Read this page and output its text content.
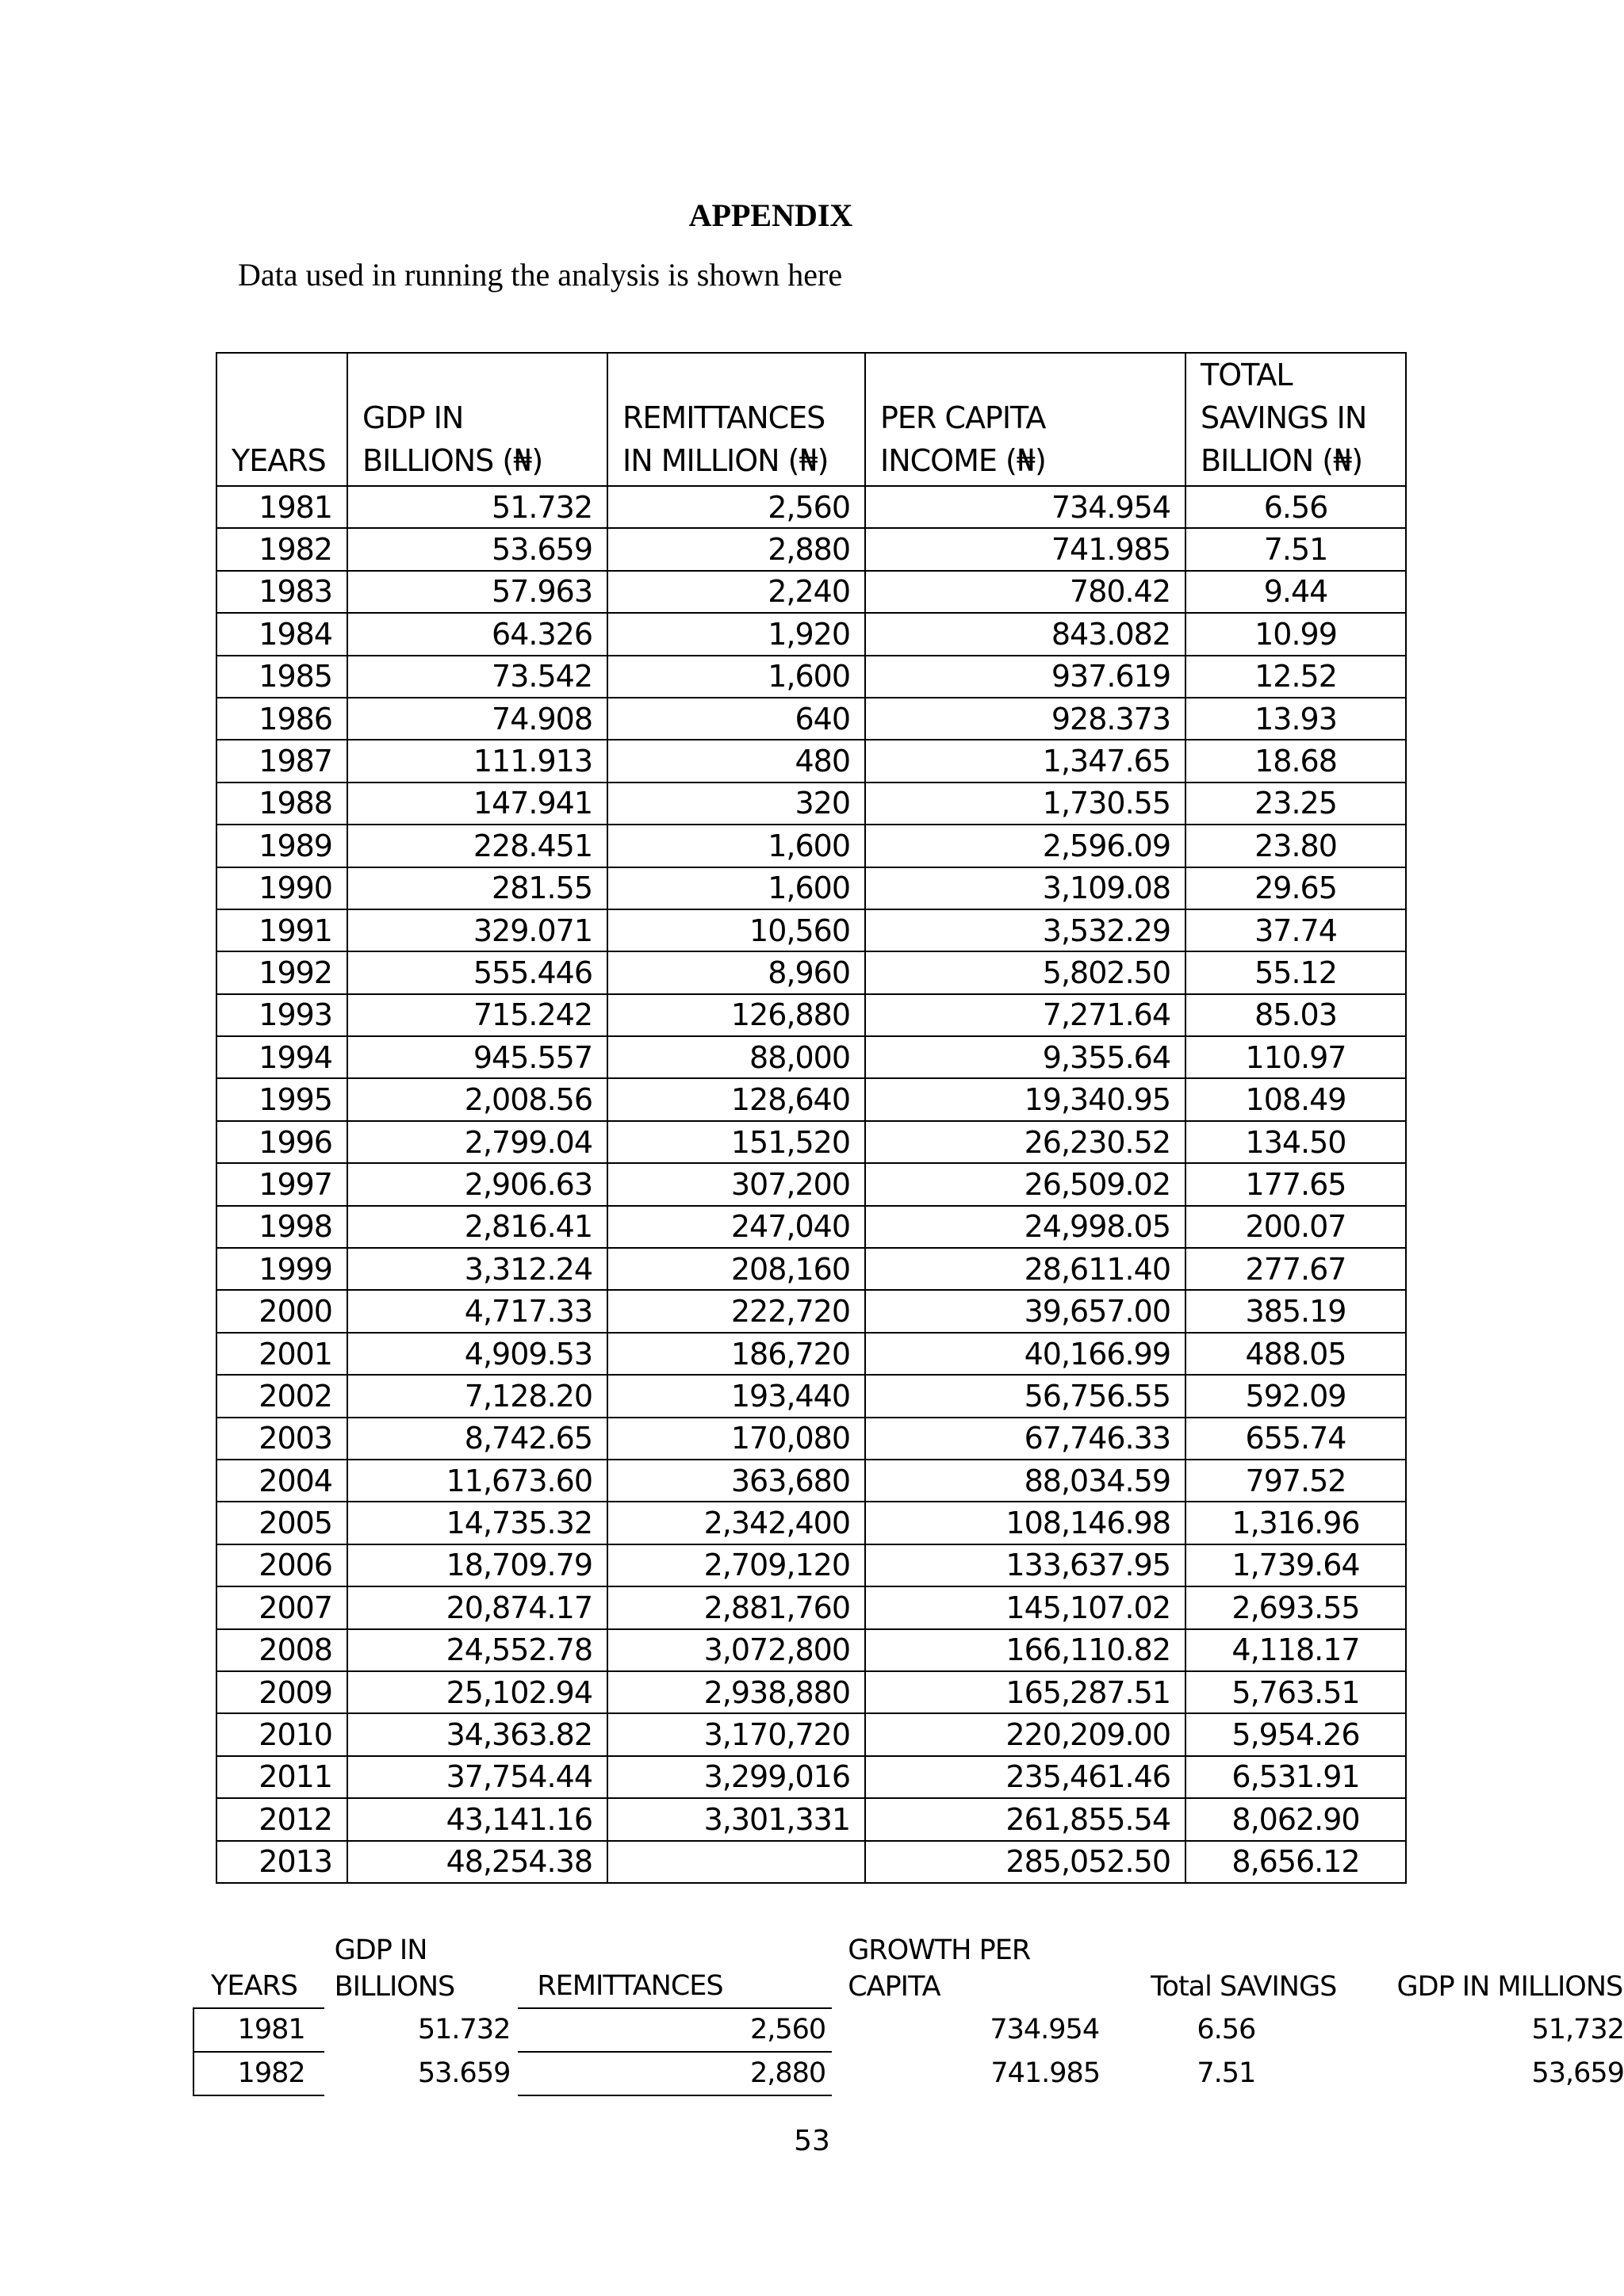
APPENDIX
Data used in running the analysis is shown here
YEARS	GDP IN BILLIONS (₦)	REMITTANCES IN MILLION (₦)	PER CAPITA INCOME (₦)	TOTAL SAVINGS IN BILLION (₦)
1981	51.732	2,560	734.954	6.56
1982	53.659	2,880	741.985	7.51
1983	57.963	2,240	780.42	9.44
1984	64.326	1,920	843.082	10.99
1985	73.542	1,600	937.619	12.52
1986	74.908	640	928.373	13.93
1987	111.913	480	1,347.65	18.68
1988	147.941	320	1,730.55	23.25
1989	228.451	1,600	2,596.09	23.80
1990	281.55	1,600	3,109.08	29.65
1991	329.071	10,560	3,532.29	37.74
1992	555.446	8,960	5,802.50	55.12
1993	715.242	126,880	7,271.64	85.03
1994	945.557	88,000	9,355.64	110.97
1995	2,008.56	128,640	19,340.95	108.49
1996	2,799.04	151,520	26,230.52	134.50
1997	2,906.63	307,200	26,509.02	177.65
1998	2,816.41	247,040	24,998.05	200.07
1999	3,312.24	208,160	28,611.40	277.67
2000	4,717.33	222,720	39,657.00	385.19
2001	4,909.53	186,720	40,166.99	488.05
2002	7,128.20	193,440	56,756.55	592.09
2003	8,742.65	170,080	67,746.33	655.74
2004	11,673.60	363,680	88,034.59	797.52
2005	14,735.32	2,342,400	108,146.98	1,316.96
2006	18,709.79	2,709,120	133,637.95	1,739.64
2007	20,874.17	2,881,760	145,107.02	2,693.55
2008	24,552.78	3,072,800	166,110.82	4,118.17
2009	25,102.94	2,938,880	165,287.51	5,763.51
2010	34,363.82	3,170,720	220,209.00	5,954.26
2011	37,754.44	3,299,016	235,461.46	6,531.91
2012	43,141.16	3,301,331	261,855.54	8,062.90
2013	48,254.38		285,052.50	8,656.12
YEARS	GDP IN BILLIONS	REMITTANCES	GROWTH PER CAPITA	Total SAVINGS	GDP IN MILLIONS
1981	51.732	2,560	734.954	6.56	51,732
1982	53.659	2,880	741.985	7.51	53,659
53
